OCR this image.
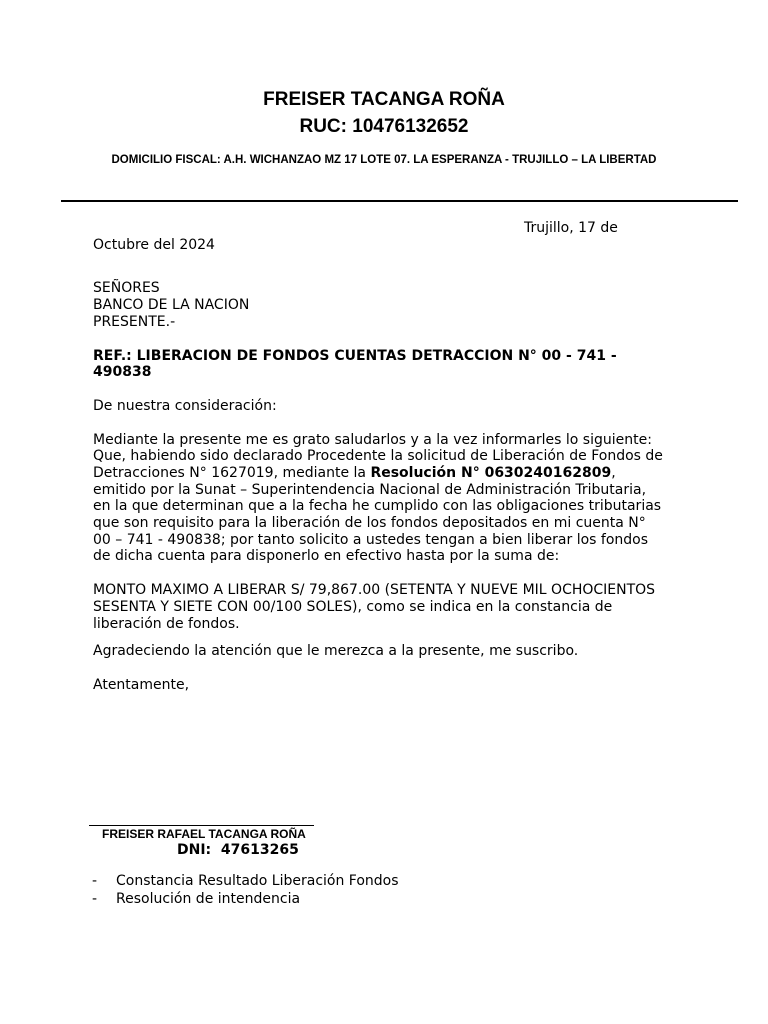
FREISER TACANGA ROÑA
RUC: 10476132652
DOMICILIO FISCAL: A.H. WICHANZAO MZ 17 LOTE 07. LA ESPERANZA - TRUJILLO – LA LIBERTAD
Trujillo, 17 de
Octubre del 2024
SEÑORES
BANCO DE LA NACION
PRESENTE.-
REF.: LIBERACION DE FONDOS CUENTAS DETRACCION N° 00 - 741 -
490838
De nuestra consideración:
Mediante la presente me es grato saludarlos y a la vez informarles lo siguiente:
Que, habiendo sido declarado Procedente la solicitud de Liberación de Fondos de
Detracciones N° 1627019, mediante la Resolución N° 0630240162809,
emitido por la Sunat – Superintendencia Nacional de Administración Tributaria,
en la que determinan que a la fecha he cumplido con las obligaciones tributarias
que son requisito para la liberación de los fondos depositados en mi cuenta N°
00 – 741 - 490838; por tanto solicito a ustedes tengan a bien liberar los fondos
de dicha cuenta para disponerlo en efectivo hasta por la suma de:
MONTO MAXIMO A LIBERAR S/ 79,867.00 (SETENTA Y NUEVE MIL OCHOCIENTOS
SESENTA Y SIETE CON 00/100 SOLES), como se indica en la constancia de
liberación de fondos.
Agradeciendo la atención que le merezca a la presente, me suscribo.
Atentamente,
FREISER RAFAEL TACANGA ROÑA
DNI:  47613265
- Constancia Resultado Liberación Fondos
- Resolución de intendencia
